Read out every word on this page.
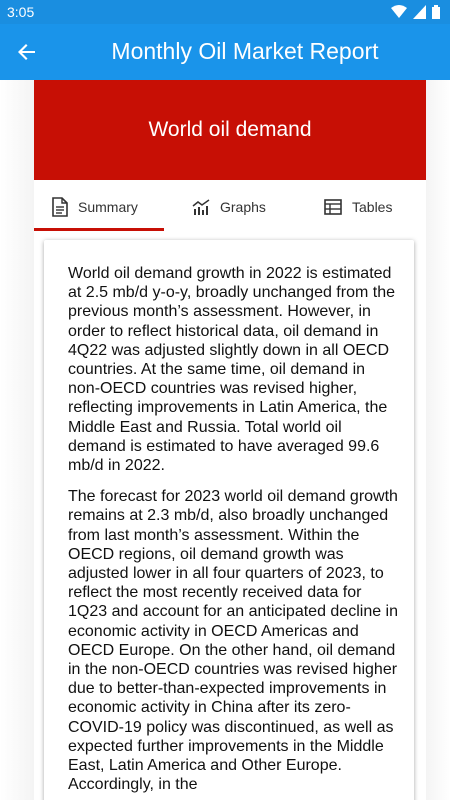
3:05
Monthly Oil Market Report
World oil demand
Summary	Graphs	Tables

World oil demand growth in 2022 is estimated at 2.5 mb/d y-o-y, broadly unchanged from the previous month’s assessment. However, in order to reflect historical data, oil demand in 4Q22 was adjusted slightly down in all OECD countries. At the same time, oil demand in non-OECD countries was revised higher, reflecting improvements in Latin America, the Middle East and Russia. Total world oil demand is estimated to have averaged 99.6 mb/d in 2022.

The forecast for 2023 world oil demand growth remains at 2.3 mb/d, also broadly unchanged from last month’s assessment. Within the OECD regions, oil demand growth was adjusted lower in all four quarters of 2023, to reflect the most recently received data for 1Q23 and account for an anticipated decline in economic activity in OECD Americas and OECD Europe. On the other hand, oil demand in the non-OECD countries was revised higher due to better-than-expected improvements in economic activity in China after its zero-COVID-19 policy was discontinued, as well as expected further improvements in the Middle East, Latin America and Other Europe. Accordingly, in the
